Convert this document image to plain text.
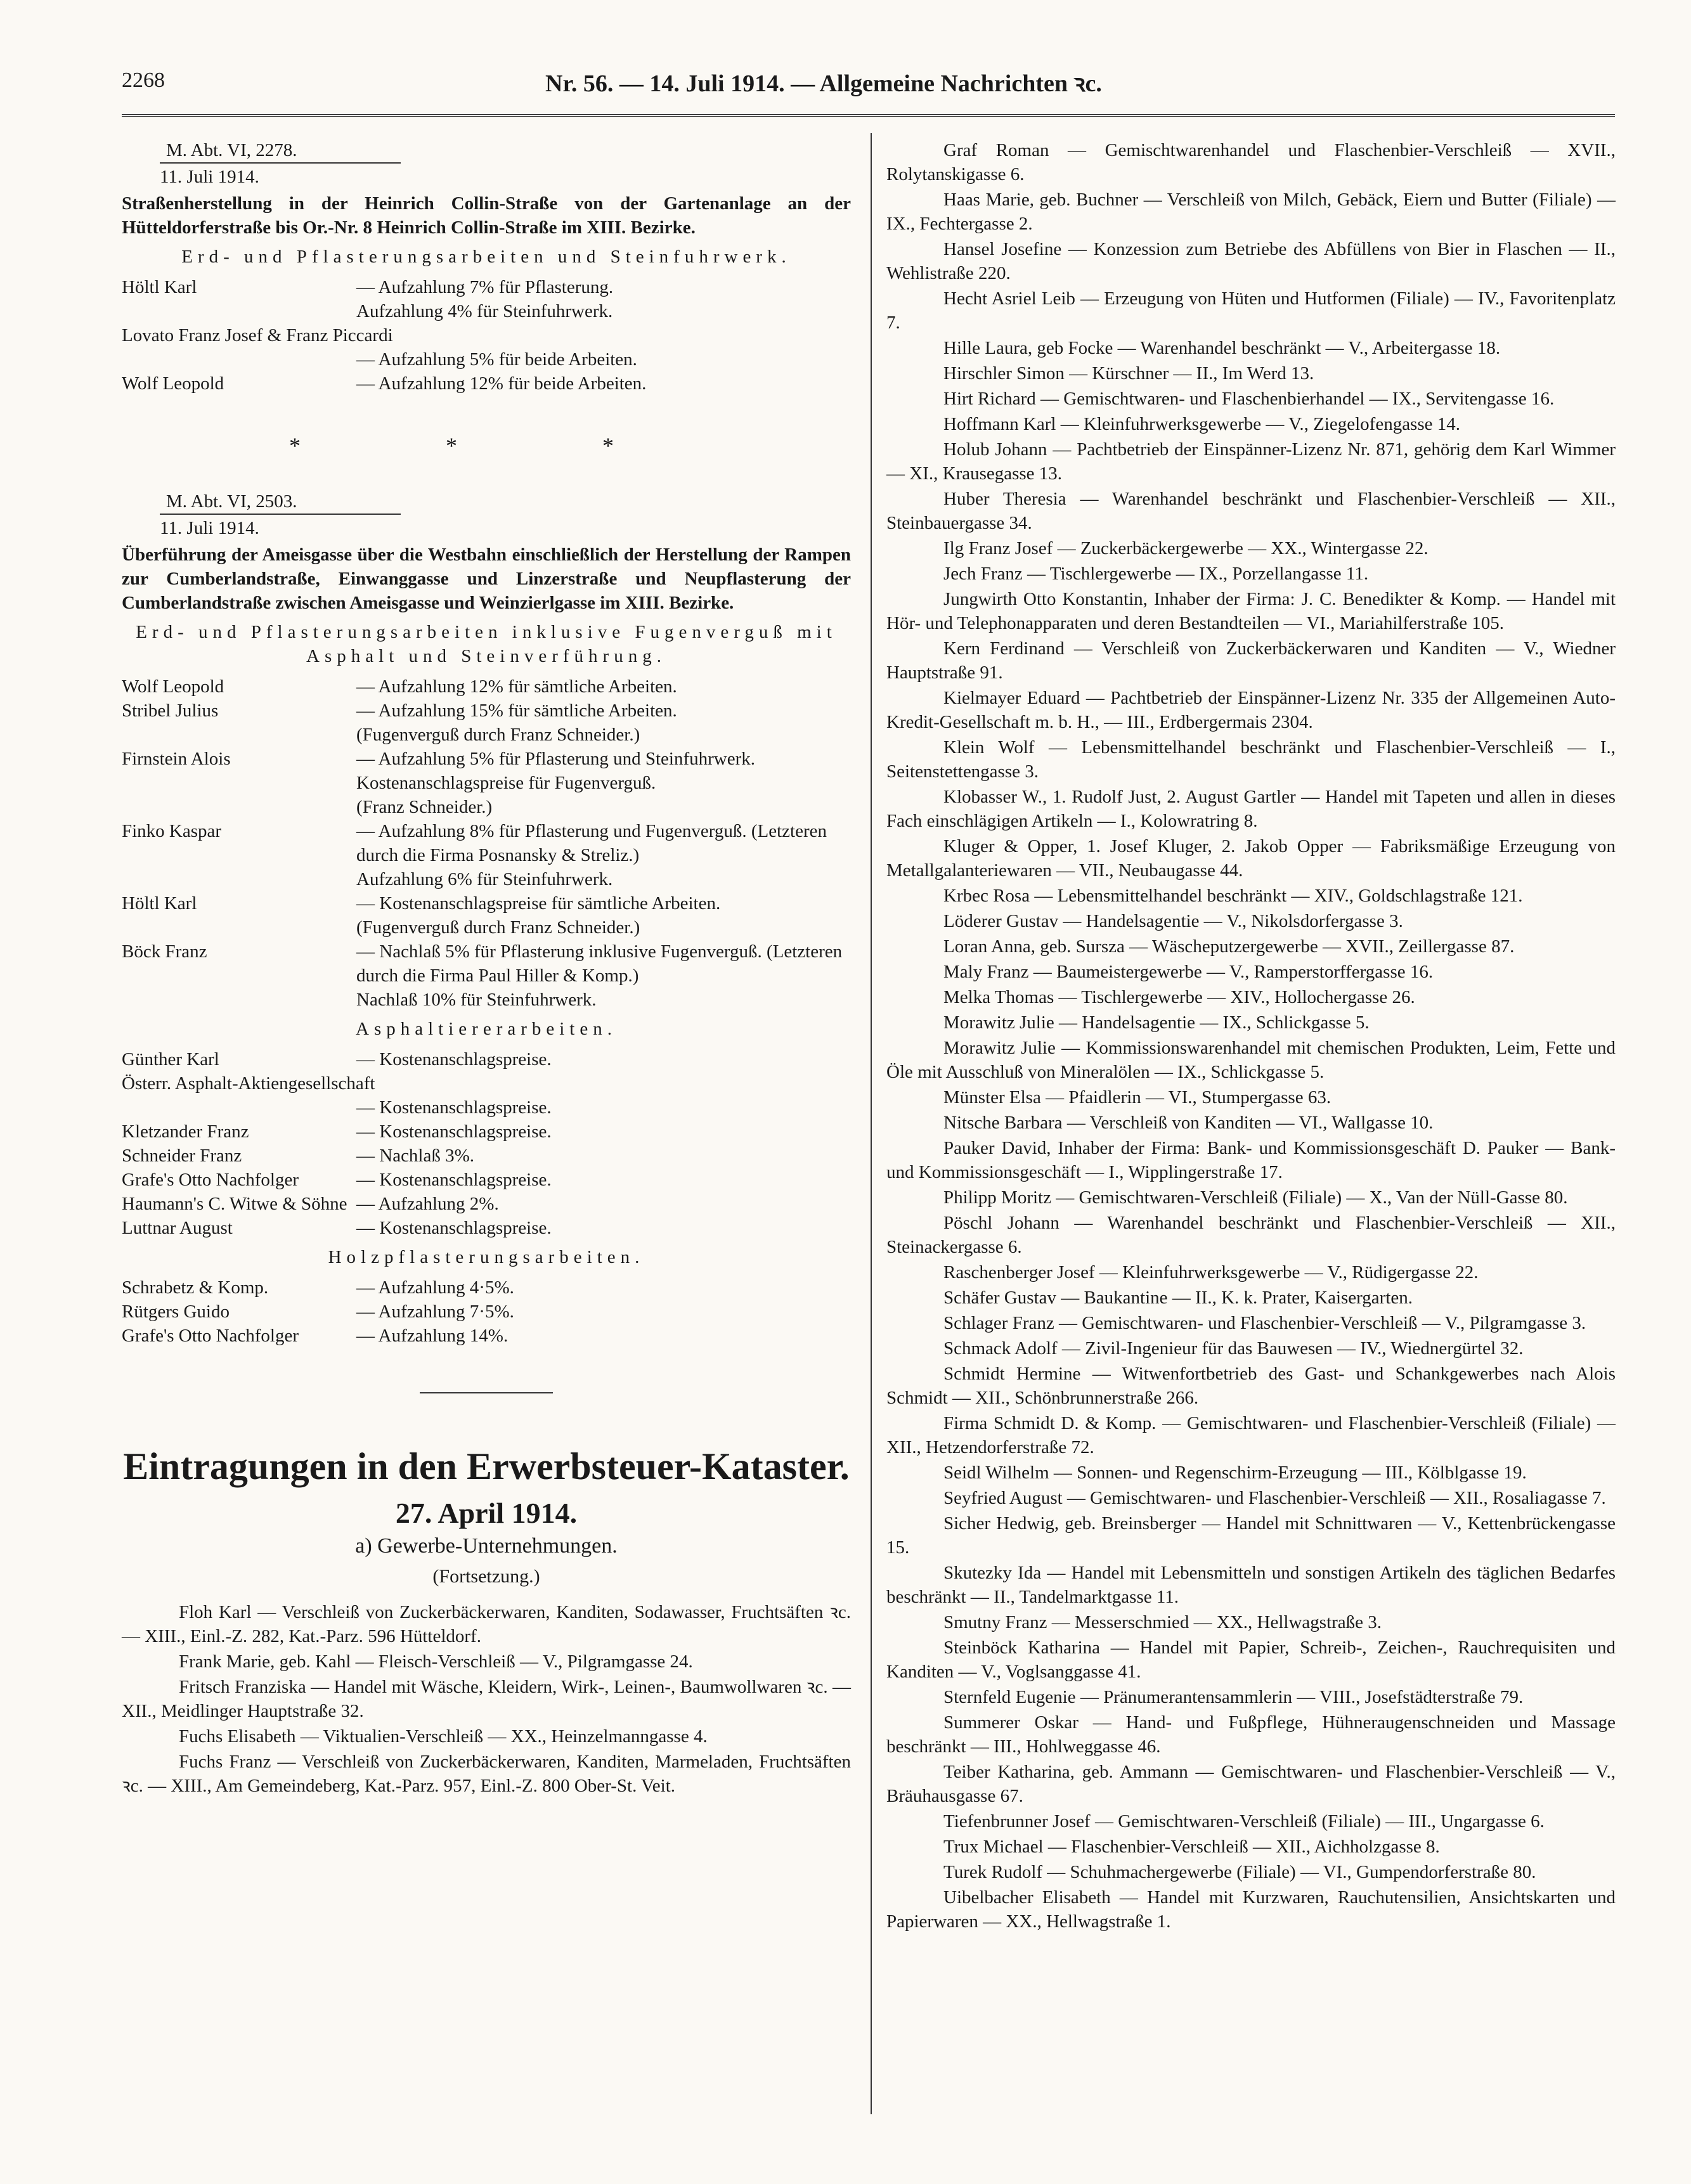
2268	Nr. 56. — 14. Juli 1914. — Allgemeine Nachrichten ꝛc.
M. Abt. VI, 2278.
11. Juli 1914.
Straßenherstellung in der Heinrich Collin-Straße von der Gartenanlage an der Hütteldorferstraße bis Or.-Nr. 8 Heinrich Collin-Straße im XIII. Bezirke.
Erd- und Pflasterungsarbeiten und Steinfuhrwerk.
Höltl Karl	— Aufzahlung 7% für Pflasterung.
Aufzahlung 4% für Steinfuhrwerk.
Lovato Franz Josef & Franz Piccardi
— Aufzahlung 5% für beide Arbeiten.
Wolf Leopold	— Aufzahlung 12% für beide Arbeiten.
* * *
M. Abt. VI, 2503.
11. Juli 1914.
Überführung der Ameisgasse über die Westbahn einschließlich der Herstellung der Rampen zur Cumberlandstraße, Einwanggasse und Linzerstraße und Neupflasterung der Cumberlandstraße zwischen Ameisgasse und Weinzierlgasse im XIII. Bezirke.
Erd- und Pflasterungsarbeiten inklusive Fugenverguß mit Asphalt und Steinverführung.
Wolf Leopold	— Aufzahlung 12% für sämtliche Arbeiten.
Stribel Julius	— Aufzahlung 15% für sämtliche Arbeiten.
(Fugenverguß durch Franz Schneider.)
Firnstein Alois	— Aufzahlung 5% für Pflasterung und Steinfuhrwerk.
Kostenanschlagspreise für Fugenverguß.
(Franz Schneider.)
Finko Kaspar	— Aufzahlung 8% für Pflasterung und Fugenverguß. (Letzteren durch die Firma Posnansky & Streliz.)
Aufzahlung 6% für Steinfuhrwerk.
Höltl Karl	— Kostenanschlagspreise für sämtliche Arbeiten.
(Fugenverguß durch Franz Schneider.)
Böck Franz	— Nachlaß 5% für Pflasterung inklusive Fugenverguß. (Letzteren durch die Firma Paul Hiller & Komp.)
Nachlaß 10% für Steinfuhrwerk.
Asphaltiererarbeiten.
Günther Karl	— Kostenanschlagspreise.
Österr. Asphalt-Aktiengesellschaft
— Kostenanschlagspreise.
Kletzander Franz	— Kostenanschlagspreise.
Schneider Franz	— Nachlaß 3%.
Grafe's Otto Nachfolger	— Kostenanschlagspreise.
Haumann's C. Witwe & Söhne — Aufzahlung 2%.
Luttnar August	— Kostenanschlagspreise.
Holzpflasterungsarbeiten.
Schrabetz & Komp.	— Aufzahlung 4·5%.
Rütgers Guido	— Aufzahlung 7·5%.
Grafe's Otto Nachfolger	— Aufzahlung 14%.
Eintragungen in den Erwerbsteuer-Kataster.
27. April 1914.
a) Gewerbe-Unternehmungen.
(Fortsetzung.)
Floh Karl — Verschleiß von Zuckerbäckerwaren, Kanditen, Sodawasser, Fruchtsäften ꝛc. — XIII., Einl.-Z. 282, Kat.-Parz. 596 Hütteldorf.
Frank Marie, geb. Kahl — Fleisch-Verschleiß — V., Pilgramgasse 24.
Fritsch Franziska — Handel mit Wäsche, Kleidern, Wirk-, Leinen-, Baumwollwaren ꝛc. — XII., Meidlinger Hauptstraße 32.
Fuchs Elisabeth — Viktualien-Verschleiß — XX., Heinzelmanngasse 4.
Fuchs Franz — Verschleiß von Zuckerbäckerwaren, Kanditen, Marmeladen, Fruchtsäften ꝛc. — XIII., Am Gemeindeberg, Kat.-Parz. 957, Einl.-Z. 800 Ober-St. Veit.
Graf Roman — Gemischtwarenhandel und Flaschenbier-Verschleiß — XVII., Rolytanskigasse 6.
Haas Marie, geb. Buchner — Verschleiß von Milch, Gebäck, Eiern und Butter (Filiale) — IX., Fechtergasse 2.
Hansel Josefine — Konzession zum Betriebe des Abfüllens von Bier in Flaschen — II., Wehlistraße 220.
Hecht Asriel Leib — Erzeugung von Hüten und Hutformen (Filiale) — IV., Favoritenplatz 7.
Hille Laura, geb Focke — Warenhandel beschränkt — V., Arbeitergasse 18.
Hirschler Simon — Kürschner — II., Im Werd 13.
Hirt Richard — Gemischtwaren- und Flaschenbierhandel — IX., Servitengasse 16.
Hoffmann Karl — Kleinfuhrwerksgewerbe — V., Ziegelofengasse 14.
Holub Johann — Pachtbetrieb der Einspänner-Lizenz Nr. 871, gehörig dem Karl Wimmer — XI., Krausegasse 13.
Huber Theresia — Warenhandel beschränkt und Flaschenbier-Verschleiß — XII., Steinbauergasse 34.
Ilg Franz Josef — Zuckerbäckergewerbe — XX., Wintergasse 22.
Jech Franz — Tischlergewerbe — IX., Porzellangasse 11.
Jungwirth Otto Konstantin, Inhaber der Firma: J. C. Benedikter & Komp. — Handel mit Hör- und Telephonapparaten und deren Bestandteilen — VI., Mariahilferstraße 105.
Kern Ferdinand — Verschleiß von Zuckerbäckerwaren und Kanditen — V., Wiedner Hauptstraße 91.
Kielmayer Eduard — Pachtbetrieb der Einspänner-Lizenz Nr. 335 der Allgemeinen Auto-Kredit-Gesellschaft m. b. H., — III., Erdbergermais 2304.
Klein Wolf — Lebensmittelhandel beschränkt und Flaschenbier-Verschleiß — I., Seitenstettengasse 3.
Klobasser W., 1. Rudolf Just, 2. August Gartler — Handel mit Tapeten und allen in dieses Fach einschlägigen Artikeln — I., Kolowratring 8.
Kluger & Opper, 1. Josef Kluger, 2. Jakob Opper — Fabriksmäßige Erzeugung von Metallgalanteriewaren — VII., Neubaugasse 44.
Krbec Rosa — Lebensmittelhandel beschränkt — XIV., Goldschlagstraße 121.
Löderer Gustav — Handelsagentie — V., Nikolsdorfergasse 3.
Loran Anna, geb. Sursza — Wäscheputzergewerbe — XVII., Zeillergasse 87.
Maly Franz — Baumeistergewerbe — V., Ramperstorffergasse 16.
Melka Thomas — Tischlergewerbe — XIV., Hollochergasse 26.
Morawitz Julie — Handelsagentie — IX., Schlickgasse 5.
Morawitz Julie — Kommissionswarenhandel mit chemischen Produkten, Leim, Fette und Öle mit Ausschluß von Mineralölen — IX., Schlickgasse 5.
Münster Elsa — Pfaidlerin — VI., Stumpergasse 63.
Nitsche Barbara — Verschleiß von Kanditen — VI., Wallgasse 10.
Pauker David, Inhaber der Firma: Bank- und Kommissionsgeschäft D. Pauker — Bank- und Kommissionsgeschäft — I., Wipplingerstraße 17.
Philipp Moritz — Gemischtwaren-Verschleiß (Filiale) — X., Van der Nüll-Gasse 80.
Pöschl Johann — Warenhandel beschränkt und Flaschenbier-Verschleiß — XII., Steinackergasse 6.
Raschenberger Josef — Kleinfuhrwerksgewerbe — V., Rüdigergasse 22.
Schäfer Gustav — Baukantine — II., K. k. Prater, Kaisergarten.
Schlager Franz — Gemischtwaren- und Flaschenbier-Verschleiß — V., Pilgramgasse 3.
Schmack Adolf — Zivil-Ingenieur für das Bauwesen — IV., Wiednergürtel 32.
Schmidt Hermine — Witwenfortbetrieb des Gast- und Schankgewerbes nach Alois Schmidt — XII., Schönbrunnerstraße 266.
Firma Schmidt D. & Komp. — Gemischtwaren- und Flaschenbier-Verschleiß (Filiale) — XII., Hetzendorferstraße 72.
Seidl Wilhelm — Sonnen- und Regenschirm-Erzeugung — III., Kölblgasse 19.
Seyfried August — Gemischtwaren- und Flaschenbier-Verschleiß — XII., Rosaliagasse 7.
Sicher Hedwig, geb. Breinsberger — Handel mit Schnittwaren — V., Kettenbrückengasse 15.
Skutezky Ida — Handel mit Lebensmitteln und sonstigen Artikeln des täglichen Bedarfes beschränkt — II., Tandelmarktgasse 11.
Smutny Franz — Messerschmied — XX., Hellwagstraße 3.
Steinböck Katharina — Handel mit Papier, Schreib-, Zeichen-, Rauchrequisiten und Kanditen — V., Voglsanggasse 41.
Sternfeld Eugenie — Pränumerantensammlerin — VIII., Josefstädterstraße 79.
Summerer Oskar — Hand- und Fußpflege, Hühneraugenschneiden und Massage beschränkt — III., Hohlweggasse 46.
Teiber Katharina, geb. Ammann — Gemischtwaren- und Flaschenbier-Verschleiß — V., Bräuhausgasse 67.
Tiefenbrunner Josef — Gemischtwaren-Verschleiß (Filiale) — III., Ungargasse 6.
Trux Michael — Flaschenbier-Verschleiß — XII., Aichholzgasse 8.
Turek Rudolf — Schuhmachergewerbe (Filiale) — VI., Gumpendorferstraße 80.
Uibelbacher Elisabeth — Handel mit Kurzwaren, Rauchutensilien, Ansichtskarten und Papierwaren — XX., Hellwagstraße 1.
